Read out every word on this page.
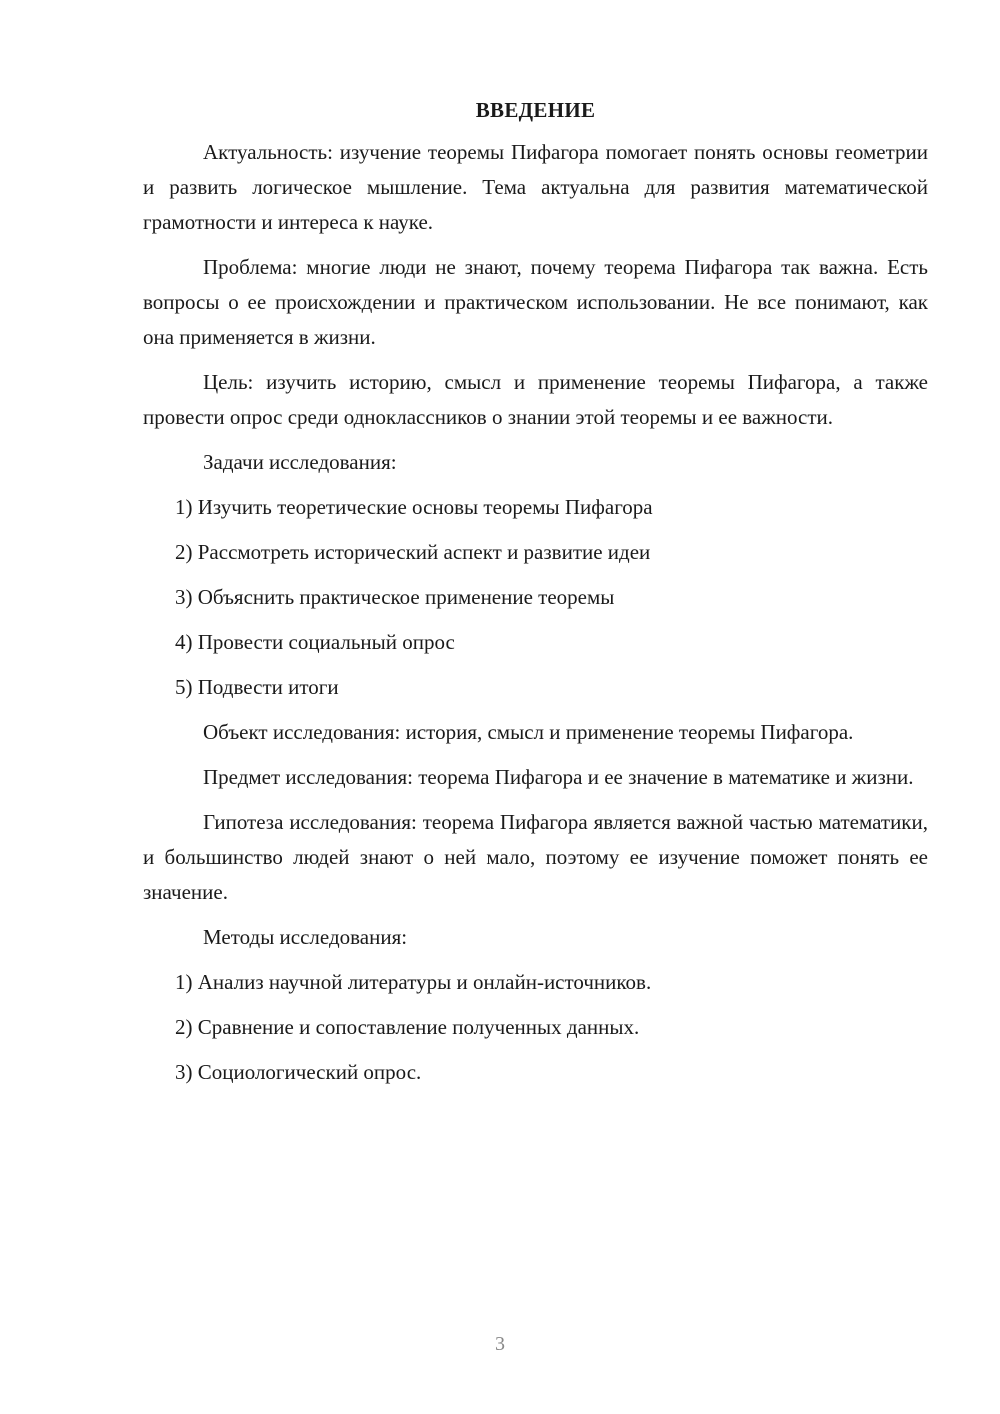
ВВЕДЕНИЕ

Актуальность: изучение теоремы Пифагора помогает понять основы геометрии и развить логическое мышление. Тема актуальна для развития математической грамотности и интереса к науке.

Проблема: многие люди не знают, почему теорема Пифагора так важна. Есть вопросы о ее происхождении и практическом использовании. Не все понимают, как она применяется в жизни.

Цель: изучить историю, смысл и применение теоремы Пифагора, а также провести опрос среди одноклассников о знании этой теоремы и ее важности.

Задачи исследования:

1) Изучить теоретические основы теоремы Пифагора
2) Рассмотреть исторический аспект и развитие идеи
3) Объяснить практическое применение теоремы
4) Провести социальный опрос
5) Подвести итоги

Объект исследования: история, смысл и применение теоремы Пифагора.

Предмет исследования: теорема Пифагора и ее значение в математике и жизни.

Гипотеза исследования: теорема Пифагора является важной частью математики, и большинство людей знают о ней мало, поэтому ее изучение поможет понять ее значение.

Методы исследования:

1) Анализ научной литературы и онлайн-источников.
2) Сравнение и сопоставление полученных данных.
3) Социологический опрос.
3
